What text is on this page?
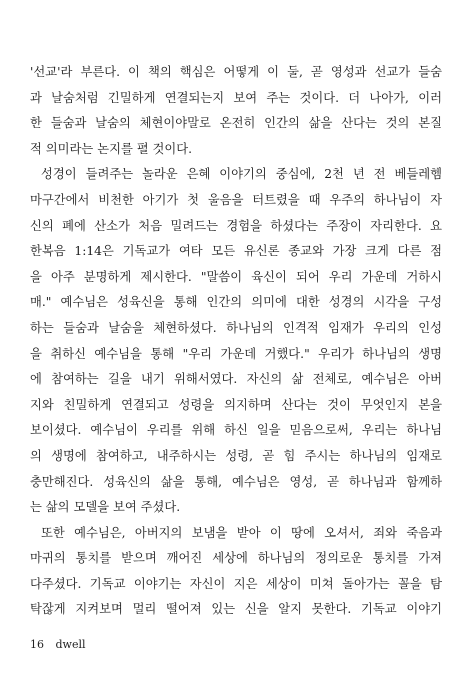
'선교'라 부른다. 이 책의 핵심은 어떻게 이 둘, 곧 영성과 선교가 들숨
과 날숨처럼 긴밀하게 연결되는지 보여 주는 것이다. 더 나아가, 이러
한 들숨과 날숨의 체현이야말로 온전히 인간의 삶을 산다는 것의 본질
적 의미라는 논지를 펼 것이다.
성경이 들려주는 놀라운 은혜 이야기의 중심에, 2천 년 전 베들레헴
마구간에서 비천한 아기가 첫 울음을 터트렸을 때 우주의 하나님이 자
신의 폐에 산소가 처음 밀려드는 경험을 하셨다는 주장이 자리한다. 요
한복음 1:14은 기독교가 여타 모든 유신론 종교와 가장 크게 다른 점
을 아주 분명하게 제시한다. "말씀이 육신이 되어 우리 가운데 거하시
매." 예수님은 성육신을 통해 인간의 의미에 대한 성경의 시각을 구성
하는 들숨과 날숨을 체현하셨다. 하나님의 인격적 임재가 우리의 인성
을 취하신 예수님을 통해 "우리 가운데 거했다." 우리가 하나님의 생명
에 참여하는 길을 내기 위해서였다. 자신의 삶 전체로, 예수님은 아버
지와 친밀하게 연결되고 성령을 의지하며 산다는 것이 무엇인지 본을
보이셨다. 예수님이 우리를 위해 하신 일을 믿음으로써, 우리는 하나님
의 생명에 참여하고, 내주하시는 성령, 곧 힘 주시는 하나님의 임재로
충만해진다. 성육신의 삶을 통해, 예수님은 영성, 곧 하나님과 함께하
는 삶의 모델을 보여 주셨다.
또한 예수님은, 아버지의 보냄을 받아 이 땅에 오셔서, 죄와 죽음과
마귀의 통치를 받으며 깨어진 세상에 하나님의 정의로운 통치를 가져
다주셨다. 기독교 이야기는 자신이 지은 세상이 미쳐 돌아가는 꼴을 탐
탁잖게 지켜보며 멀리 떨어져 있는 신을 알지 못한다. 기독교 이야기
16 dwell
